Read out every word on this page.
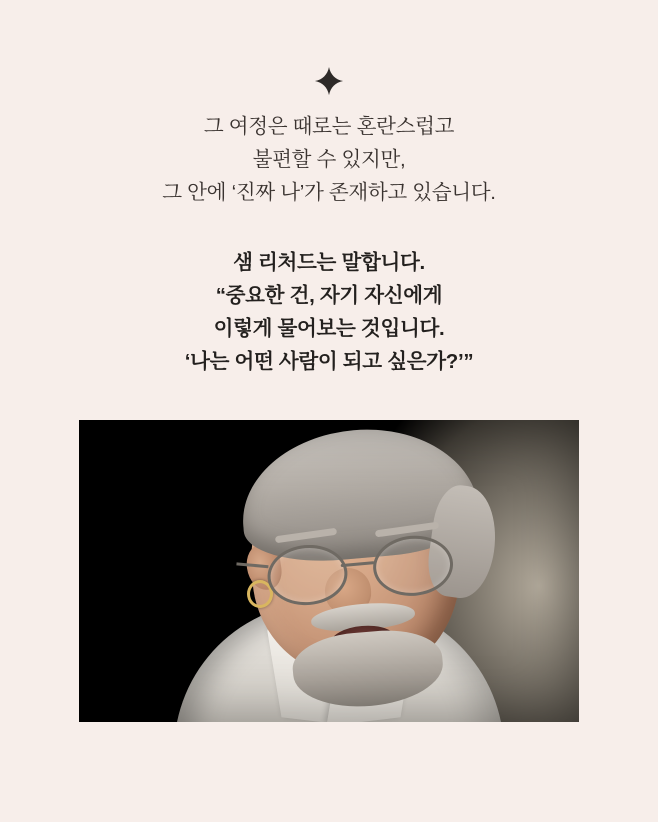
그 여정은 때로는 혼란스럽고
불편할 수 있지만,
그 안에 ‘진짜 나’가 존재하고 있습니다.
샘 리처드는 말합니다.
“중요한 건, 자기 자신에게
이렇게 물어보는 것입니다.
‘나는 어떤 사람이 되고 싶은가?’”
